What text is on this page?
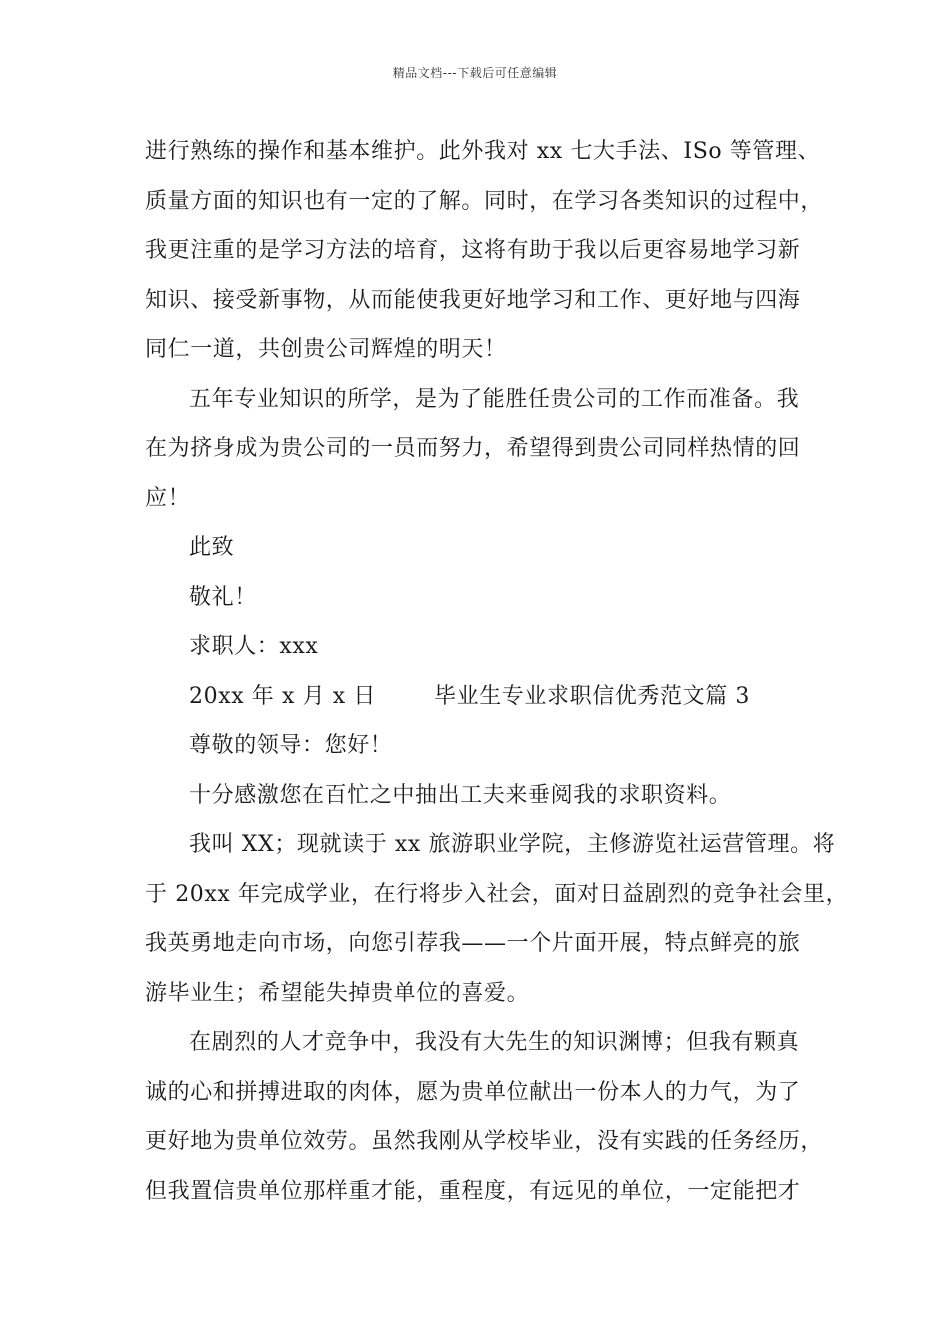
精品文档---下载后可任意编辑
进行熟练的操作和基本维护。此外我对 xx 七大手法、ISo 等管理、
质量方面的知识也有一定的了解。同时，在学习各类知识的过程中，
我更注重的是学习方法的培育，这将有助于我以后更容易地学习新
知识、接受新事物，从而能使我更好地学习和工作、更好地与四海
同仁一道，共创贵公司辉煌的明天！
五年专业知识的所学，是为了能胜任贵公司的工作而准备。我
在为挤身成为贵公司的一员而努力，希望得到贵公司同样热情的回
应！
此致
敬礼！
求职人：xxx
20xx 年 x 月 x 日	毕业生专业求职信优秀范文篇 3
尊敬的领导：您好！
十分感激您在百忙之中抽出工夫来垂阅我的求职资料。
我叫 XX；现就读于 xx 旅游职业学院，主修游览社运营管理。将
于 20xx 年完成学业，在行将步入社会，面对日益剧烈的竞争社会里，
我英勇地走向市场，向您引荐我——一个片面开展，特点鲜亮的旅
游毕业生；希望能失掉贵单位的喜爱。
在剧烈的人才竞争中，我没有大先生的知识渊博；但我有颗真
诚的心和拼搏进取的肉体，愿为贵单位献出一份本人的力气，为了
更好地为贵单位效劳。虽然我刚从学校毕业，没有实践的任务经历，
但我置信贵单位那样重才能，重程度，有远见的单位，一定能把才
